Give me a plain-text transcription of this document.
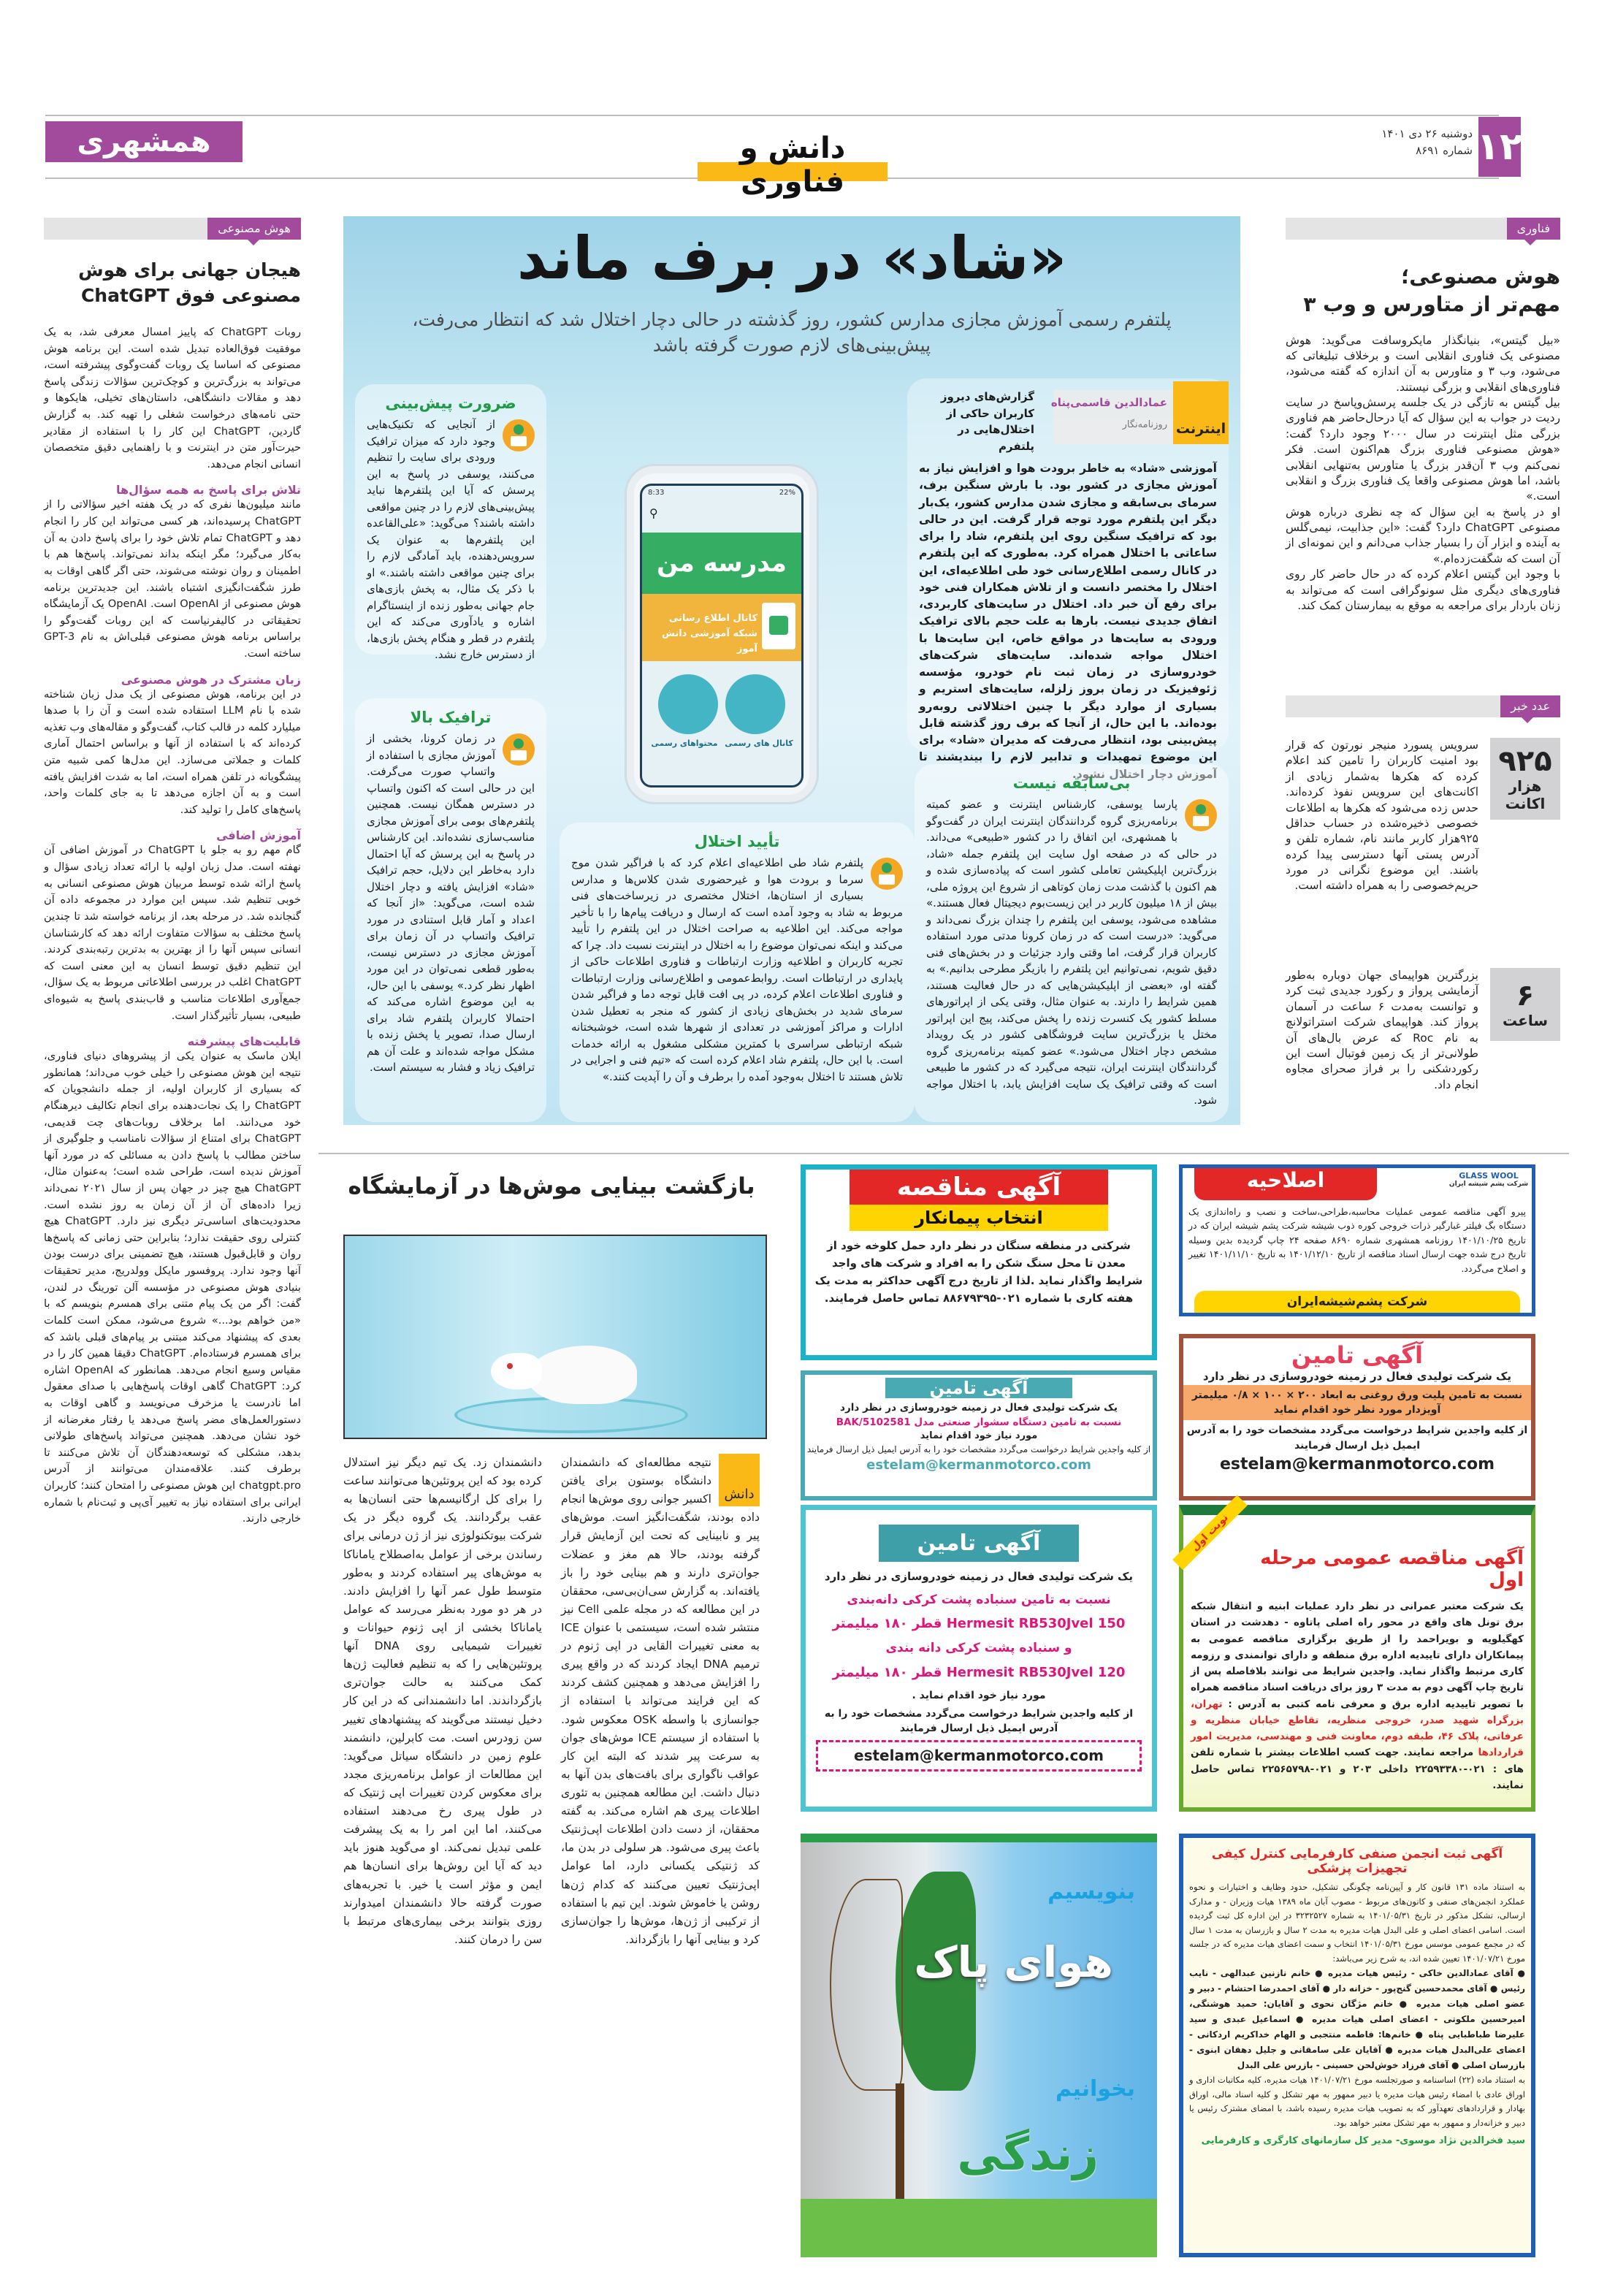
۱۲
دوشنبه ۲۶ دی ۱۴۰۱
شماره ۸۶۹۱
همشهری	دانش و فناوری
فناوری
هوش مصنوعی؛
مهم‌تر از متاورس و وب ۳

«بیل گیتس»، بنیانگذار مایکروسافت می‌گوید: هوش مصنوعی یک فناوری انقلابی است و برخلاف تبلیغاتی که می‌شود، وب ۳ و متاورس به آن اندازه که گفته می‌شود، فناوری‌های انقلابی و بزرگی نیستند.

بیل گیتس به تازگی در یک جلسه پرسش‌وپاسخ در سایت ردیت در جواب به این سؤال که آیا درحال‌حاضر هم فناوری بزرگی مثل اینترنت در سال ۲۰۰۰ وجود دارد؟ گفت: «هوش مصنوعی فناوری بزرگ هم‌اکنون است. فکر نمی‌کنم وب ۳ آن‌قدر بزرگ یا متاورس به‌تنهایی انقلابی باشد، اما هوش مصنوعی واقعا یک فناوری بزرگ و انقلابی است.»

او در پاسخ به این سؤال که چه نظری درباره هوش مصنوعی ChatGPT دارد؟ گفت: «این جذابیت، نیمی‌گلس به آینده و ابزار آن را بسیار جذاب می‌دانم و این نمونه‌ای از آن است که شگفت‌زده‌ام.»

با وجود این گیتس اعلام کرده که در حال حاضر کار روی فناوری‌های دیگری مثل سونوگرافی است که می‌تواند به زنان باردار برای مراجعه به موقع به بیمارستان کمک کند.

عدد خبر
۹۲۵
هزار اکانت

سرویس پسورد منیجر نورتون که قرار بود امنیت کاربران را تامین کند اعلام کرده که هکرها به‌شمار زیادی از اکانت‌های این سرویس نفوذ کرده‌اند. حدس زده می‌شود که هکرها به اطلاعات خصوصی ذخیره‌شده در حساب حداقل ۹۲۵هزار کاربر مانند نام، شماره تلفن و آدرس پستی آنها دسترسی پیدا کرده باشند. این موضوع نگرانی در مورد حریم‌خصوصی را به همراه داشته است.

۶
ساعت

بزرگترین هواپیمای جهان دوباره به‌طور آزمایشی پرواز و رکورد جدیدی ثبت کرد و توانست به‌مدت ۶ ساعت در آسمان پرواز کند. هواپیمای شرکت استراتولانچ به نام Roc که عرض بال‌های آن طولانی‌تر از یک زمین فوتبال است این رکوردشکنی را بر فراز صحرای مجاوه انجام داد.

«شاد» در برف ماند
پلتفرم رسمی آموزش مجازی مدارس کشور، روز گذشته در حالی دچار اختلال شد که انتظار می‌رفت، پیش‌بینی‌های لازم صورت گرفته باشد

گزارش‌های دیروز کاربران حاکی از اختلال‌هایی در پلتفرم

آموزشی «شاد» به خاطر برودت هوا و افزایش نیاز به آموزش مجازی در کشور بود. با بارش سنگین برف، سرمای بی‌سابقه و مجازی شدن مدارس کشور، یک‌بار دیگر این پلتفرم مورد توجه قرار گرفت. این در حالی بود که ترافیک سنگین روی این پلتفرم، شاد را برای ساعاتی با اختلال همراه کرد. به‌طوری که این پلتفرم در کانال رسمی اطلاع‌رسانی خود طی اطلاعیه‌ای، این اختلال را مختصر دانست و از تلاش همکاران فنی خود برای رفع آن خبر داد. اختلال در سایت‌های کاربردی، اتفاق جدیدی نیست. بارها به علت حجم بالای ترافیک ورودی به سایت‌ها در مواقع خاص، این سایت‌ها با اختلال مواجه شده‌اند. سایت‌های شرکت‌های خودروسازی در زمان ثبت نام خودرو، مؤسسه ژئوفیزیک در زمان بروز زلزله، سایت‌های استریم و بسیاری از موارد دیگر با چنین اختلالاتی روبه‌رو بوده‌اند. با این حال، از آنجا که برف روز گذشته قابل پیش‌بینی بود، انتظار می‌رفت که مدیران «شاد» برای این موضوع تمهیدات و تدابیر لازم را بیندیشند تا آموزش دچار اختلال نشود.

اینترنت
عمادالدین قاسمی‌پناه
روزنامه‌نگار
8:33	22%
⚲
مدرسه من
کانال اطلاع رسانی
شبکه آموزشی دانش آموز
کانال های رسمی
محتواهای رسمی
ضرورت پیش‌بینی

از آنجایی که تکنیک‌هایی وجود دارد که میزان ترافیک ورودی برای سایت را تنظیم می‌کنند، یوسفی در پاسخ به این پرسش که آیا این پلتفرم‌ها نباید پیش‌بینی‌های لازم را در چنین مواقعی داشته باشند؟ می‌گوید: «علی‌القاعده این پلتفرم‌ها به عنوان یک سرویس‌دهنده، باید آمادگی لازم را برای چنین مواقعی داشته باشند.» او با ذکر یک مثال، به پخش بازی‌های جام جهانی به‌طور زنده از اینستاگرام اشاره و یادآوری می‌کند که این پلتفرم در قطر و هنگام پخش بازی‌ها، از دسترس خارج نشد.

ترافیک بالا

در زمان کرونا، بخشی از آموزش مجازی با استفاده از واتساپ صورت می‌گرفت. این در حالی است که اکنون واتساپ در دسترس همگان نیست. همچنین پلتفرم‌های بومی برای آموزش مجازی مناسب‌سازی نشده‌اند. این کارشناس در پاسخ به این پرسش که آیا احتمال دارد به‌خاطر این دلایل، حجم ترافیک «شاد» افزایش یافته و دچار اختلال شده است، می‌گوید: «از آنجا که اعداد و آمار قابل استنادی در مورد ترافیک واتساپ در آن زمان برای آموزش مجازی در دسترس نیست، به‌طور قطعی نمی‌توان در این مورد اظهار نظر کرد.» یوسفی با این حال، به این موضوع اشاره می‌کند که احتمالا کاربران پلتفرم شاد برای ارسال صدا، تصویر یا پخش زنده با مشکل مواجه شده‌اند و علت آن هم ترافیک زیاد و فشار به سیستم است.

تأیید اختلال

پلتفرم شاد طی اطلاعیه‌ای اعلام کرد که با فراگیر شدن موج سرما و برودت هوا و غیرحضوری شدن کلاس‌ها و مدارس بسیاری از استان‌ها، اختلال مختصری در زیرساخت‌های فنی مربوط به شاد به وجود آمده است که ارسال و دریافت پیام‌ها را با تأخیر مواجه می‌کند. این اطلاعیه به صراحت اختلال در این پلتفرم را تأیید می‌کند و اینکه نمی‌توان موضوع را به اختلال در اینترنت نسبت داد. چرا که تجربه کاربران و اطلاعیه وزارت ارتباطات و فناوری اطلاعات حاکی از پایداری در ارتباطات است. روابط‌عمومی و اطلاع‌رسانی وزارت ارتباطات و فناوری اطلاعات اعلام کرده، در پی افت قابل توجه دما و فراگیر شدن سرمای شدید در بخش‌های زیادی از کشور که منجر به تعطیل شدن ادارات و مراکز آموزشی در تعدادی از شهرها شده است، خوشبختانه شبکه ارتباطی سراسری با کمترین مشکلی مشغول به ارائه خدمات است. با این حال، پلتفرم شاد اعلام کرده است که «تیم فنی و اجرایی در تلاش هستند تا اختلال به‌وجود آمده را برطرف و آن را آپدیت کنند.»

بی‌سابقه نیست

پارسا یوسفی، کارشناس اینترنت و عضو کمیته برنامه‌ریزی گروه گردانندگان اینترنت ایران در گفت‌وگو با همشهری، این اتفاق را در کشور «طبیعی» می‌داند. در حالی که در صفحه اول سایت این پلتفرم جمله «شاد، بزرگ‌ترین اپلیکیشن تعاملی کشور است که پیاده‌سازی شده و هم اکنون با گذشت مدت زمان کوتاهی از شروع این پروژه ملی، بیش از ۱۸ میلیون کاربر در این زیست‌بوم دیجیتال فعال هستند.» مشاهده می‌شود، یوسفی این پلتفرم را چندان بزرگ نمی‌داند و می‌گوید: «درست است که در زمان کرونا مدتی مورد استفاده کاربران قرار گرفت، اما وقتی وارد جزئیات و در بخش‌های فنی دقیق شویم، نمی‌توانیم این پلتفرم را بازیگر مطرحی بدانیم.» به گفته او، «بعضی از اپلیکیشن‌هایی که در حال فعالیت هستند، همین شرایط را دارند. به عنوان مثال، وقتی یکی از اپراتورهای مسلط کشور یک کنسرت زنده را پخش می‌کند، پیج این اپراتور مختل یا بزرگ‌ترین سایت فروشگاهی کشور در یک رویداد مشخص دچار اختلال می‌شود.» عضو کمیته برنامه‌ریزی گروه گردانندگان اینترنت ایران، نتیجه می‌گیرد که در کشور ما طبیعی است که وقتی ترافیک یک سایت افزایش یابد، با اختلال مواجه شود.

هوش مصنوعی
هیجان جهانی برای هوش مصنوعی فوق ChatGPT

روبات ChatGPT که پاییز امسال معرفی شد، به یک موفقیت فوق‌العاده تبدیل شده است. این برنامه هوش مصنوعی که اساسا یک روبات گفت‌وگوی پیشرفته است، می‌تواند به بزرگ‌ترین و کوچک‌ترین سؤالات زندگی پاسخ دهد و مقالات دانشگاهی، داستان‌های تخیلی، هایکوها و حتی نامه‌های درخواست شغلی را تهیه کند. به گزارش گاردین، ChatGPT این کار را با استفاده از مقادیر حیرت‌آور متن در اینترنت و با راهنمایی دقیق متخصصان انسانی انجام می‌دهد.

تلاش برای پاسخ به همه سؤال‌ها

مانند میلیون‌ها نفری که در یک هفته اخیر سؤالاتی را از ChatGPT پرسیده‌اند، هر کسی می‌تواند این کار را انجام دهد و ChatGPT تمام تلاش خود را برای پاسخ دادن به آن به‌کار می‌گیرد؛ مگر اینکه بداند نمی‌تواند. پاسخ‌ها هم با اطمینان و روان نوشته می‌شوند، حتی اگر گاهی اوقات به طرز شگفت‌انگیزی اشتباه باشند. این جدیدترین برنامه هوش مصنوعی از OpenAI است. OpenAI یک آزمایشگاه تحقیقاتی در کالیفرنیاست که این روبات گفت‌وگو را براساس برنامه هوش مصنوعی قبلی‌اش به نام GPT-3 ساخته است.

زبان مشترک در هوش مصنوعی

در این برنامه، هوش مصنوعی از یک مدل زبان شناخته شده با نام LLM استفاده شده است و آن را با صدها میلیارد کلمه در قالب کتاب، گفت‌وگو و مقاله‌های وب تغذیه کرده‌اند که با استفاده از آنها و براساس احتمال آماری کلمات و جملاتی می‌سازد. این مدل‌ها کمی شبیه متن پیشگویانه در تلفن همراه است، اما به شدت افزایش یافته است و به آن اجازه می‌دهد تا به جای کلمات واحد، پاسخ‌های کامل را تولید کند.

آموزش اضافی

گام مهم رو به جلو با ChatGPT در آموزش اضافی آن نهفته است. مدل زبان اولیه با ارائه تعداد زیادی سؤال و پاسخ ارائه شده توسط مربیان هوش مصنوعی انسانی به خوبی تنظیم شد. سپس این موارد در مجموعه داده آن گنجانده شد. در مرحله بعد، از برنامه خواسته شد تا چندین پاسخ مختلف به سؤالات متفاوت ارائه دهد که کارشناسان انسانی سپس آنها را از بهترین به بدترین رتبه‌بندی کردند. این تنظیم دقیق توسط انسان به این معنی است که ChatGPT اغلب در بررسی اطلاعاتی مربوط به یک سؤال، جمع‌آوری اطلاعات مناسب و قاب‌بندی پاسخ به شیوه‌ای طبیعی، بسیار تأثیرگذار است.

قابلیت‌های پیشرفته

ایلان ماسک به عنوان یکی از پیشروهای دنیای فناوری، نتیجه این هوش مصنوعی را خیلی خوب می‌داند؛ همانطور که بسیاری از کاربران اولیه، از جمله دانشجویان که ChatGPT را یک نجات‌دهنده برای انجام تکالیف دیرهنگام خود می‌دانند. اما برخلاف روبات‌های چت قدیمی، ChatGPT برای امتناع از سؤالات نامناسب و جلوگیری از ساختن مطالب با پاسخ دادن به مسائلی که در مورد آنها آموزش ندیده است، طراحی شده است؛ به‌عنوان مثال، ChatGPT هیچ چیز در جهان پس از سال ۲۰۲۱ نمی‌داند زیرا داده‌های آن از آن زمان به روز نشده است. محدودیت‌های اساسی‌تر دیگری نیز دارد. ChatGPT هیچ کنترلی روی حقیقت ندارد؛ بنابراین حتی زمانی که پاسخ‌ها روان و قابل‌قبول هستند، هیچ تضمینی برای درست بودن آنها وجود ندارد. پروفسور مایکل وولدریج، مدیر تحقیقات بنیادی هوش مصنوعی در مؤسسه آلن تورینگ در لندن، گفت: اگر من یک پیام متنی برای همسرم بنویسم که با «من خواهم بود...» شروع می‌شود، ممکن است کلمات بعدی که پیشنهاد می‌کند مبتنی بر پیام‌های قبلی باشد که برای همسرم فرستاده‌ام. ChatGPT دقیقا همین کار را در مقیاس وسیع انجام می‌دهد. همانطور که OpenAI اشاره کرد: ChatGPT گاهی اوقات پاسخ‌هایی با صدای معقول اما نادرست یا مزخرف می‌نویسد و گاهی اوقات به دستورالعمل‌های مضر پاسخ می‌دهد یا رفتار مغرضانه از خود نشان می‌دهد. همچنین می‌تواند پاسخ‌های طولانی بدهد، مشکلی که توسعه‌دهندگان آن تلاش می‌کنند تا برطرف کنند. علاقه‌مندان می‌توانند از آدرس chatgpt.pro این هوش مصنوعی را امتحان کنند؛ کاربران ایرانی برای استفاده نیاز به تغییر آی‌پی و ثبت‌نام با شماره خارجی دارند.

بازگشت بینایی موش‌ها در آزمایشگاه
دانش

نتیجه مطالعه‌ای که دانشمندان دانشگاه بوستون برای یافتن اکسیر جوانی روی موش‌ها انجام داده بودند، شگفت‌انگیز است. موش‌های پیر و نابینایی که تحت این آزمایش قرار گرفته بودند، حالا هم مغز و عضلات جوان‌تری دارند و هم بینایی خود را باز یافته‌اند. به گزارش سی‌ان‌بی‌سی، محققان در این مطالعه که در مجله علمی Cell نیز منتشر شده است، سیستمی با عنوان ICE به معنی تغییرات القایی در اپی ژنوم در ترمیم DNA ایجاد کردند که در واقع پیری را افزایش می‌دهد و همچنین کشف کردند که این فرایند می‌تواند با استفاده از جوانسازی با واسطه OSK معکوس شود. با استفاده از سیستم ICE موش‌های جوان به سرعت پیر شدند که البته این کار عواقب ناگواری برای بافت‌های بدن آنها به دنبال داشت. این مطالعه همچنین به تئوری اطلاعات پیری هم اشاره می‌کند. به گفته محققان، از دست دادن اطلاعات اپی‌ژنتیک باعث پیری می‌شود. هر سلولی در بدن ما، کد ژنتیکی یکسانی دارد، اما عوامل اپی‌ژنتیک تعیین می‌کنند که کدام ژن‌ها روشن یا خاموش شوند. این تیم با استفاده از ترکیبی از ژن‌ها، موش‌ها را جوان‌سازی کرد و بینایی آنها را بازگرداند.

دانشمندان زد. یک تیم دیگر نیز استدلال کرده بود که این پروتئین‌ها می‌توانند ساعت را برای کل ارگانیسم‌ها حتی انسان‌ها به عقب برگردانند. یک گروه دیگر در یک شرکت بیوتکنولوژی نیز از ژن درمانی برای رساندن برخی از عوامل به‌اصطلاح یاماناکا به موش‌های پیر استفاده کردند و به‌طور متوسط طول عمر آنها را افزایش دادند. در هر دو مورد به‌نظر می‌رسد که عوامل یاماناکا بخشی از اپی ژنوم حیوانات و تغییرات شیمیایی روی DNA آنها پروتئین‌هایی را که به تنظیم فعالیت ژن‌ها کمک می‌کنند به حالت جوان‌تری بازگرداندند. اما دانشمندانی که در این کار دخیل نیستند می‌گویند که پیشنهادهای تغییر سن زودرس است. مت کابرلین، دانشمند علوم زمین در دانشگاه سیاتل می‌گوید: این مطالعات از عوامل برنامه‌ریزی مجدد برای معکوس کردن تغییرات اپی ژنتیک که در طول پیری رخ می‌دهند استفاده می‌کنند، اما این امر را به یک پیشرفت علمی تبدیل نمی‌کند. او می‌گوید هنوز باید دید که آیا این روش‌ها برای انسان‌ها هم ایمن و مؤثر است یا خیر. با تجربه‌های صورت گرفته حالا دانشمندان امیدوارند روزی بتوانند برخی بیماری‌های مرتبط با سن را درمان کنند.

آگهی مناقصه
انتخاب پیمانکار

شرکتی در منطقه سنگان در نظر دارد حمل کلوخه خود از معدن تا محل سنگ شکن را به افراد و شرکت های واجد شرایط واگذار نماید .لذا از تاریخ درج آگهی حداکثر به مدت یک هفته کاری با شماره ۰۲۱-۸۸۶۷۹۳۹۵ تماس حاصل فرمایند.

GLASS WOOL
شرکت پشم شیشه ایران
اصلاحیه

پیرو آگهی مناقصه عمومی عملیات محاسبه،طراحی،ساخت و نصب و راه‌اندازی یک دستگاه بگ فیلتر غبارگیر ذرات خروجی کوره ذوب شیشه شرکت پشم شیشه ایران که در تاریخ ۱۴۰۱/۱۰/۲۵ روزنامه همشهری شماره ۸۶۹۰ صفحه ۲۴ چاپ گردیده بدین وسیله تاریخ درج شده جهت ارسال اسناد مناقصه از تاریخ ۱۴۰۱/۱۲/۱۰ به تاریخ ۱۴۰۱/۱۱/۱۰ تغییر و اصلاح می‌گردد.

شرکت پشم‌شیشه‌ایران
آگهی تامین

یک شرکت تولیدی فعال در زمینه خودروسازی در نظر دارد

نسبت به تامین دستگاه سشوار صنعتی مدل BAK/5102581

مورد نیاز خود اقدام نماید

از کلیه واجدین شرایط درخواست می‌گردد مشخصات خود را به آدرس ایمیل ذیل ارسال فرمایند

estelam@kermanmotorco.com

آگهی تامین

یک شرکت تولیدی فعال در زمینه خودروسازی در نظر دارد

نسبت به تامین پلیت ورق روغنی به ابعاد ۲۰۰ × ۱۰۰ × ۰/۸ میلیمتر آویزدار مورد نظر خود اقدام نماید

از کلیه واجدین شرایط درخواست می‌گردد مشخصات خود را به آدرس ایمیل ذیل ارسال فرمایند

estelam@kermanmotorco.com

آگهی تامین

یک شرکت تولیدی فعال در زمینه خودروسازی در نظر دارد

نسبت به تامین سنباده پشت کرکی دانه‌بندی

Hermesit RB530Jvel 150 قطر ۱۸۰ میلیمتر

و سنباده پشت کرکی دانه بندی

Hermesit RB530Jvel 120 قطر ۱۸۰ میلیمتر

مورد نیاز خود اقدام نماید .

از کلیه واجدین شرایط درخواست می‌گردد مشخصات خود را به آدرس ایمیل ذیل ارسال فرمایند

estelam@kermanmotorco.com

نوبت اول
آگهی مناقصه عمومی مرحله اول

یک شرکت معتبر عمرانی در نظر دارد عملیات ابنیه و انتقال شبکه برق تونل های واقع در محور راه اصلی پاتاوه - دهدشت در استان کهگیلویه و بویراحمد را از طریق برگزاری مناقصه عمومی به پیمانکاران دارای تاییدیه اداره برق منطقه و دارای توانمندی و رزومه کاری مرتبط واگذار نماید. واجدین شرایط می توانند بلافاصله پس از تاریخ چاپ آگهی دوم به مدت ۳ روز برای دریافت اسناد مناقصه همراه با تصویر تاییدیه اداره برق و معرفی نامه کتبی به آدرس : تهران، بزرگراه شهید صدر، خروجی منظریه، تقاطع خیابان منظریه و عرفاتی، پلاک ۴۶، طبقه دوم، معاونت فنی و مهندسی، مدیریت امور قراردادها مراجعه نمایند. جهت کسب اطلاعات بیشتر با شماره تلفن های : ۰۲۱-۲۲۵۹۳۳۸۰ داخلی ۲۰۳ و ۰۲۱-۲۲۵۶۵۷۹۸ تماس حاصل نمایند.

بنویسیم
هوای پاک
بخوانیم
زندگی
آگهی ثبت انجمن صنفی کارفرمایی کنترل کیفی تجهیزات پزشکی

به استناد ماده ۱۳۱ قانون کار و آیین‌نامه چگونگی تشکیل، حدود وظایف و اختیارات و نحوه عملکرد انجمن‌های صنفی و کانون‌های مربوط - مصوب آبان ماه ۱۳۸۹ هیات وزیران - و مدارک ارسالی، تشکل مذکور در تاریخ ۱۴۰۱/۰۵/۳۱ به شماره ۳۲۳۲۵۲۷ در این اداره کل ثبت گردیده است. اسامی اعضای اصلی و علی البدل هیات مدیره به مدت ۲ سال و بازرسان به مدت ۱ سال که در مجمع عمومی موسس مورخ ۱۴۰۱/۰۵/۳۱ انتخاب و سمت اعضای هیات مدیره که در جلسه مورخ ۱۴۰۱/۰۷/۲۱ تعیین شده اند، به شرح زیر می‌باشد:

● آقای عمادالدین خاکی - رئیس هیات مدیره ● خانم نازنین عبدالهی - نایب رئیس ● آقای محمدحسین گنج‌پور - خزانه دار ● آقای احمدرضا احتشام - دبیر و عضو اصلی هیات مدیره ● خانم مژگان نحوی و آقایان: حمید هوشنگی، امیرحسین ملکوتی - اعضای اصلی هیات مدیره ● اسماعیل عبدی و سید علیرضا طباطبایی پناه ● خانم‌ها: فاطمه منتجبی و الهام خداکریم اردکانی - اعضای علی‌البدل هیات مدیره ● آقایان علی سامقانی و جلیل دهقان ابنوی - بازرسان اصلی ● آقای فرزاد خوش‌لحن حسینی - بازرس علی البدل

به استناد ماده (۲۲) اساسنامه و صورتجلسه مورخ ۱۴۰۱/۰۷/۲۱ هیات مدیره، کلیه مکاتبات اداری و اوراق عادی با امضاء رئیس هیات مدیره یا دبیر ممهور به مهر تشکل و کلیه اسناد مالی، اوراق بهادار و قراردادهای تعهدآور که به تصویب هیات مدیره رسیده باشد، با امضای مشترک رئیس یا دبیر و خزانه‌دار و ممهور به مهر تشکل معتبر خواهد بود.

سید فخرالدین نژاد موسوی- مدیر کل سازمانهای کارگری و کارفرمایی
